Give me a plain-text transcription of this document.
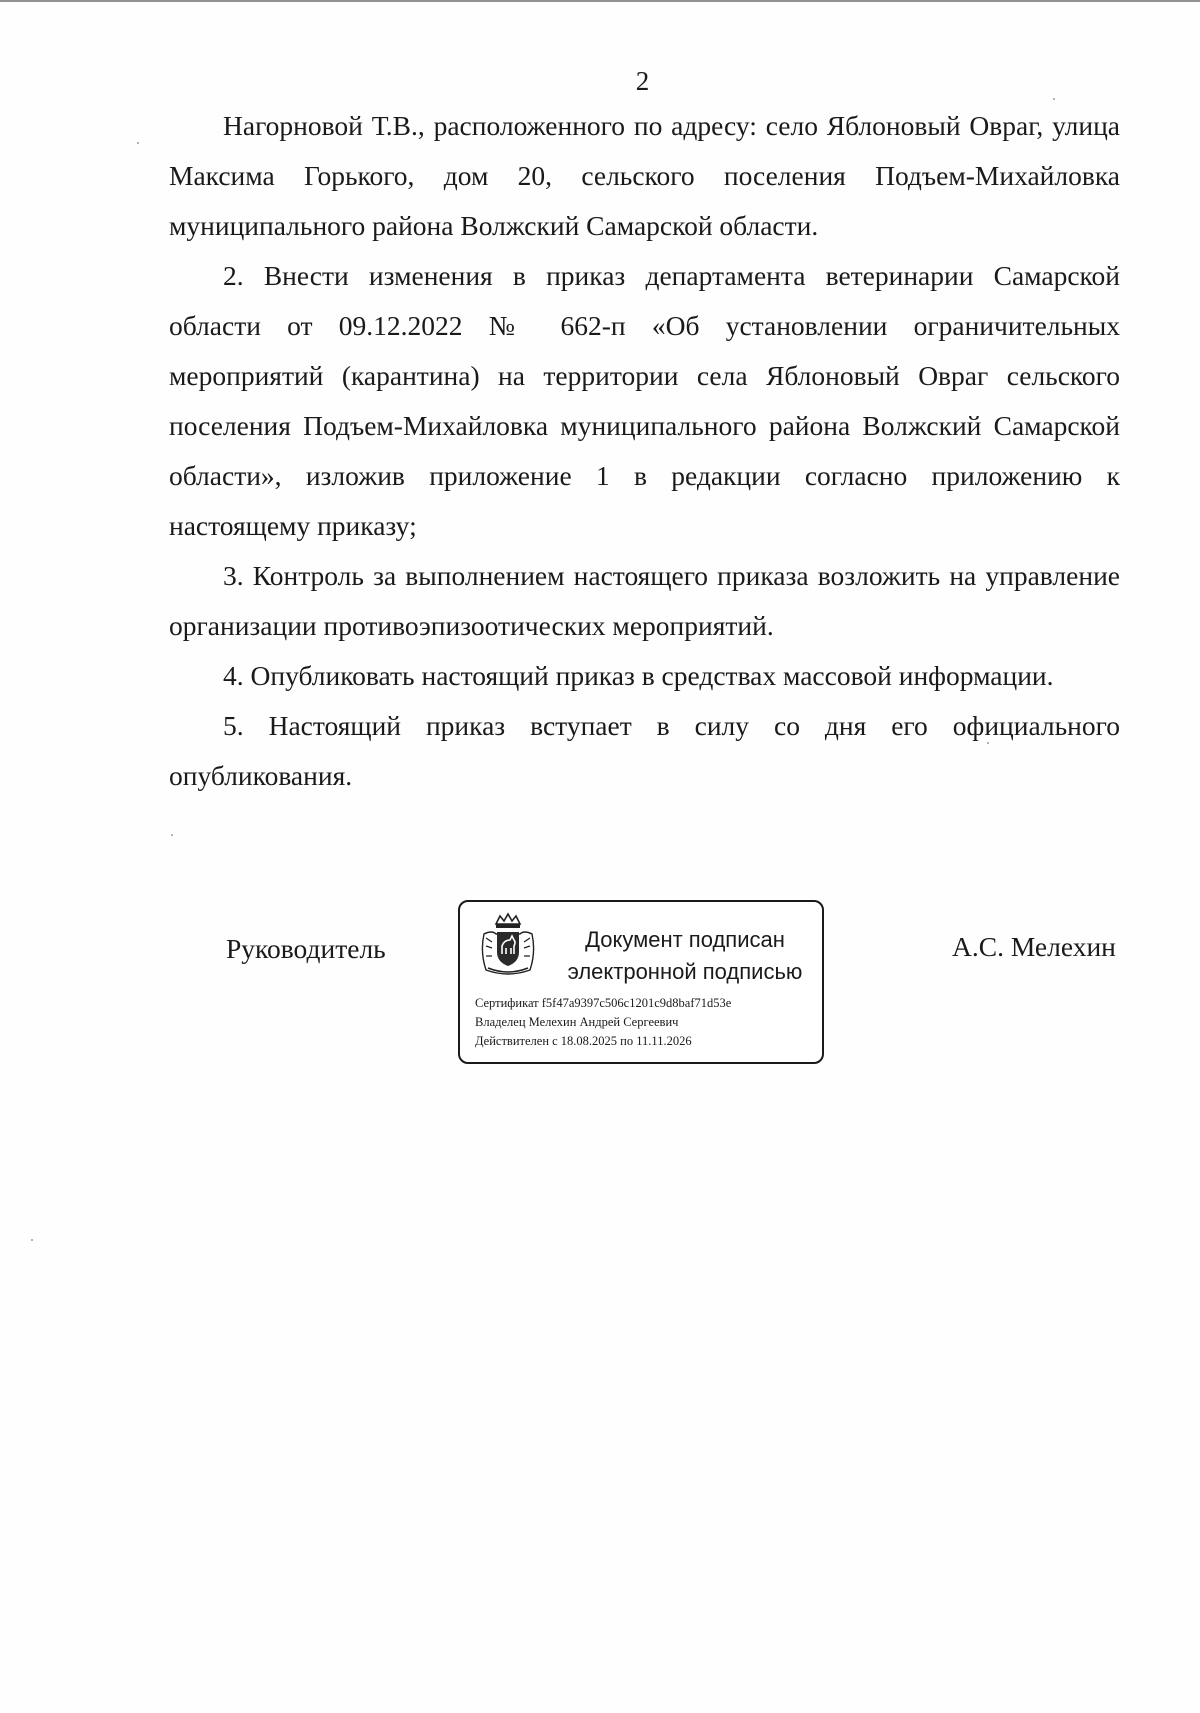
2

Нагорновой Т.В., расположенного по адресу: село Яблоновый Овраг, улица Максима Горького, дом 20, сельского поселения Подъем-Михайловка муниципального района Волжский Самарской области.

2. Внести изменения в приказ департамента ветеринарии Самарской области от 09.12.2022 № 662-п «Об установлении ограничительных мероприятий (карантина) на территории села Яблоновый Овраг сельского поселения Подъем-Михайловка муниципального района Волжский Самарской области», изложив приложение 1 в редакции согласно приложению к настоящему приказу;

3. Контроль за выполнением настоящего приказа возложить на управление организации противоэпизоотических мероприятий.

4. Опубликовать настоящий приказ в средствах массовой информации.

5. Настоящий приказ вступает в силу со дня его официального опубликования.

Руководитель	Документ подписан
электронной подписью
Сертификат f5f47a9397c506c1201c9d8baf71d53e
Владелец Мелехин Андрей Сергеевич
Действителен с 18.08.2025 по 11.11.2026
А.С. Мелехин
